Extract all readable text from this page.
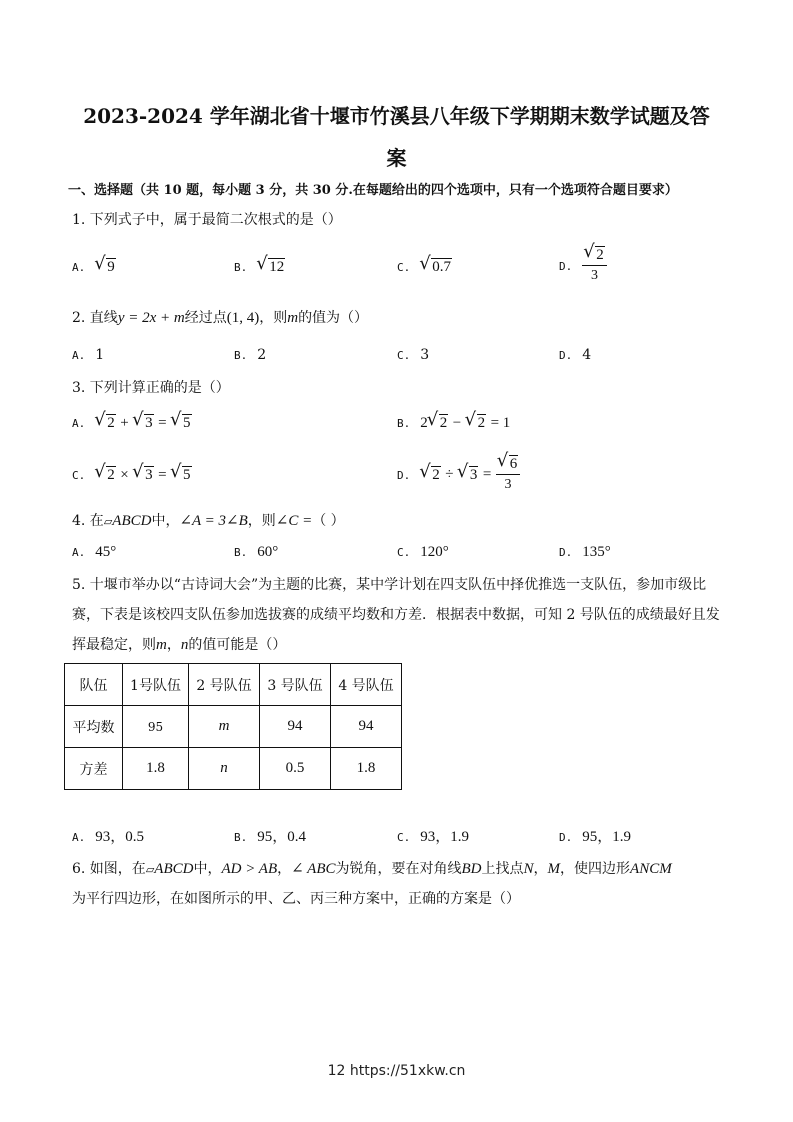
2023-2024 学年湖北省十堰市竹溪县八年级下学期期末数学试题及答
案
一、选择题（共 10 题，每小题 3 分，共 30 分.在每题给出的四个选项中，只有一个选项符合题目要求）
1. 下列式子中，属于最简二次根式的是（）
A. √ 9	B. √ 12	C. √ 0.7	D. √ $\frac{2}{3}$
2. 直线y = 2x + m经过点(1, 4)，则m的值为（）
A. 1	B. 2	C. 3	D. 4
3. 下列计算正确的是（）
A. √ 2 + √ 3 = √ 5	B. 2 √ 2 − √ 2 = 1
C. √ 2 × √ 3 = √ 5	D. √ 2 ÷ √ 3 = √ $\frac{6}{3}$
4. 在▱ABCD中，∠A = 3∠B，则∠C =（ ）
A. 45°	B. 60°	C. 120°	D. 135°
5. 十堰市举办以“古诗词大会”为主题的比赛，某中学计划在四支队伍中择优推选一支队伍，参加市级比
赛，下表是该校四支队伍参加选拔赛的成绩平均数和方差．根据表中数据，可知 2 号队伍的成绩最好且发
挥最稳定，则m，n的值可能是（）
队伍	1号队伍	2 号队伍	3 号队伍	4 号队伍
平均数	95	m	94	94
方差	1.8	n	0.5	1.8
A. 93，0.5	B. 95，0.4	C. 93，1.9	D. 95，1.9
6. 如图，在▱ABCD中，AD > AB，∠ ABC为锐角，要在对角线BD上找点N，M，使四边形ANCM
为平行四边形，在如图所示的甲、乙、丙三种方案中，正确的方案是（）
12 https://51xkw.cn
